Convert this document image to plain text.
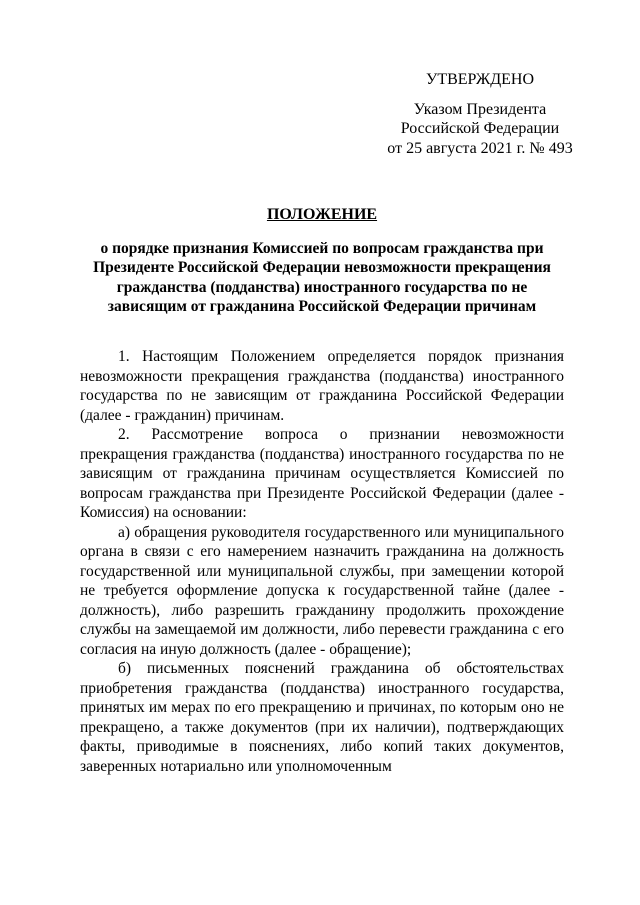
УТВЕРЖДЕНО
Указом Президента
Российской Федерации
от 25 августа 2021 г. № 493
ПОЛОЖЕНИЕ
о порядке признания Комиссией по вопросам гражданства при Президенте Российской Федерации невозможности прекращения гражданства (подданства) иностранного государства по не зависящим от гражданина Российской Федерации причинам

1. Настоящим Положением определяется порядок признания невозможности прекращения гражданства (подданства) иностранного государства по не зависящим от гражданина Российской Федерации (далее - гражданин) причинам.

2. Рассмотрение вопроса о признании невозможности прекращения гражданства (подданства) иностранного государства по не зависящим от гражданина причинам осуществляется Комиссией по вопросам гражданства при Президенте Российской Федерации (далее - Комиссия) на основании:

а) обращения руководителя государственного или муниципального органа в связи с его намерением назначить гражданина на должность государственной или муниципальной службы, при замещении которой не требуется оформление допуска к государственной тайне (далее - должность), либо разрешить гражданину продолжить прохождение службы на замещаемой им должности, либо перевести гражданина с его согласия на иную должность (далее - обращение);

б) письменных пояснений гражданина об обстоятельствах приобретения гражданства (подданства) иностранного государства, принятых им мерах по его прекращению и причинах, по которым оно не прекращено, а также документов (при их наличии), подтверждающих факты, приводимые в пояснениях, либо копий таких документов, заверенных нотариально или уполномоченным
